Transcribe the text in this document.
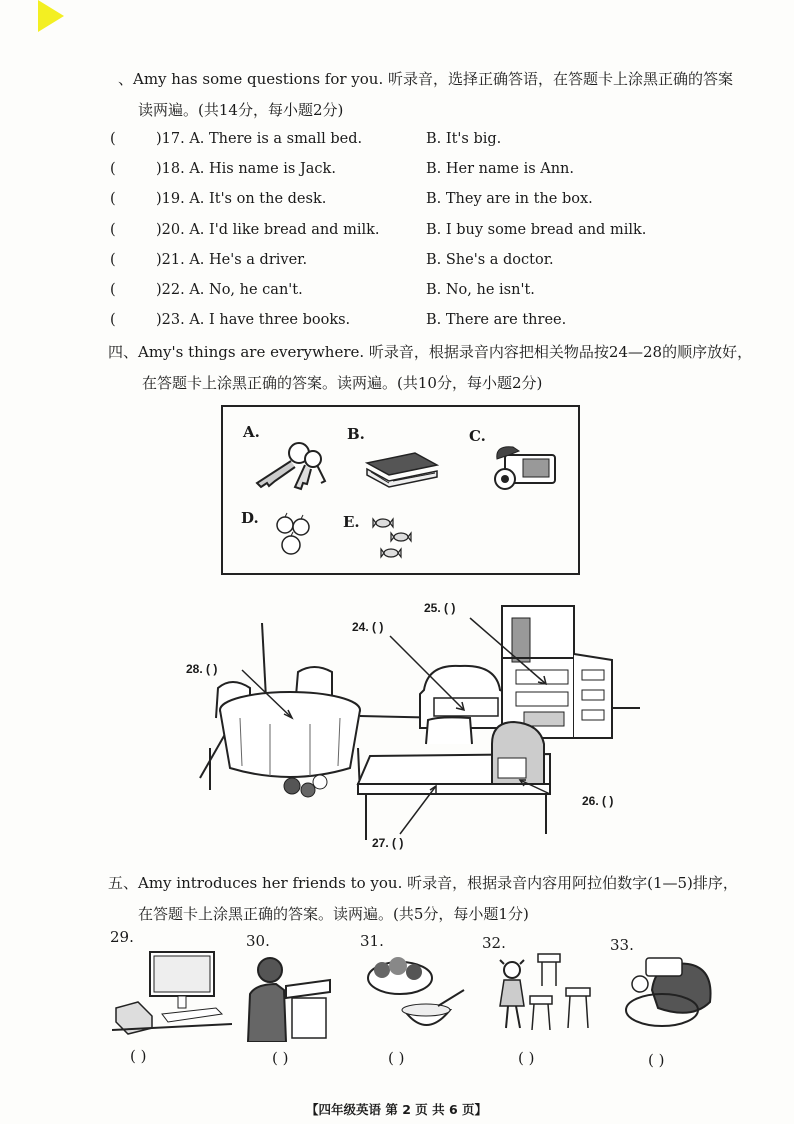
、Amy has some questions for you. 听录音，选择正确答语，在答题卡上涂黑正确的答案
读两遍。(共14分，每小题2分)
(	)17. A. There is a small bed.	B. It's big.
(	)18. A. His name is Jack.	B. Her name is Ann.
(	)19. A. It's on the desk.	B. They are in the box.
(	)20. A. I'd like bread and milk.	B. I buy some bread and milk.
(	)21. A. He's a driver.	B. She's a doctor.
(	)22. A. No, he can't.	B. No, he isn't.
(	)23. A. I have three books.	B. There are three.
四、Amy's things are everywhere. 听录音，根据录音内容把相关物品按24—28的顺序放好，
在答题卡上涂黑正确的答案。读两遍。(共10分，每小题2分)
A.	B.	C.
D.	E.
28. ( )
24. ( )
25. ( )
26. ( )
27. ( )
五、Amy introduces her friends to you. 听录音，根据录音内容用阿拉伯数字(1—5)排序，
在答题卡上涂黑正确的答案。读两遍。(共5分，每小题1分)
29.	30.	31.	32.	33.
( )	( )	( )	( )	( )
【四年级英语 第 2 页 共 6 页】
